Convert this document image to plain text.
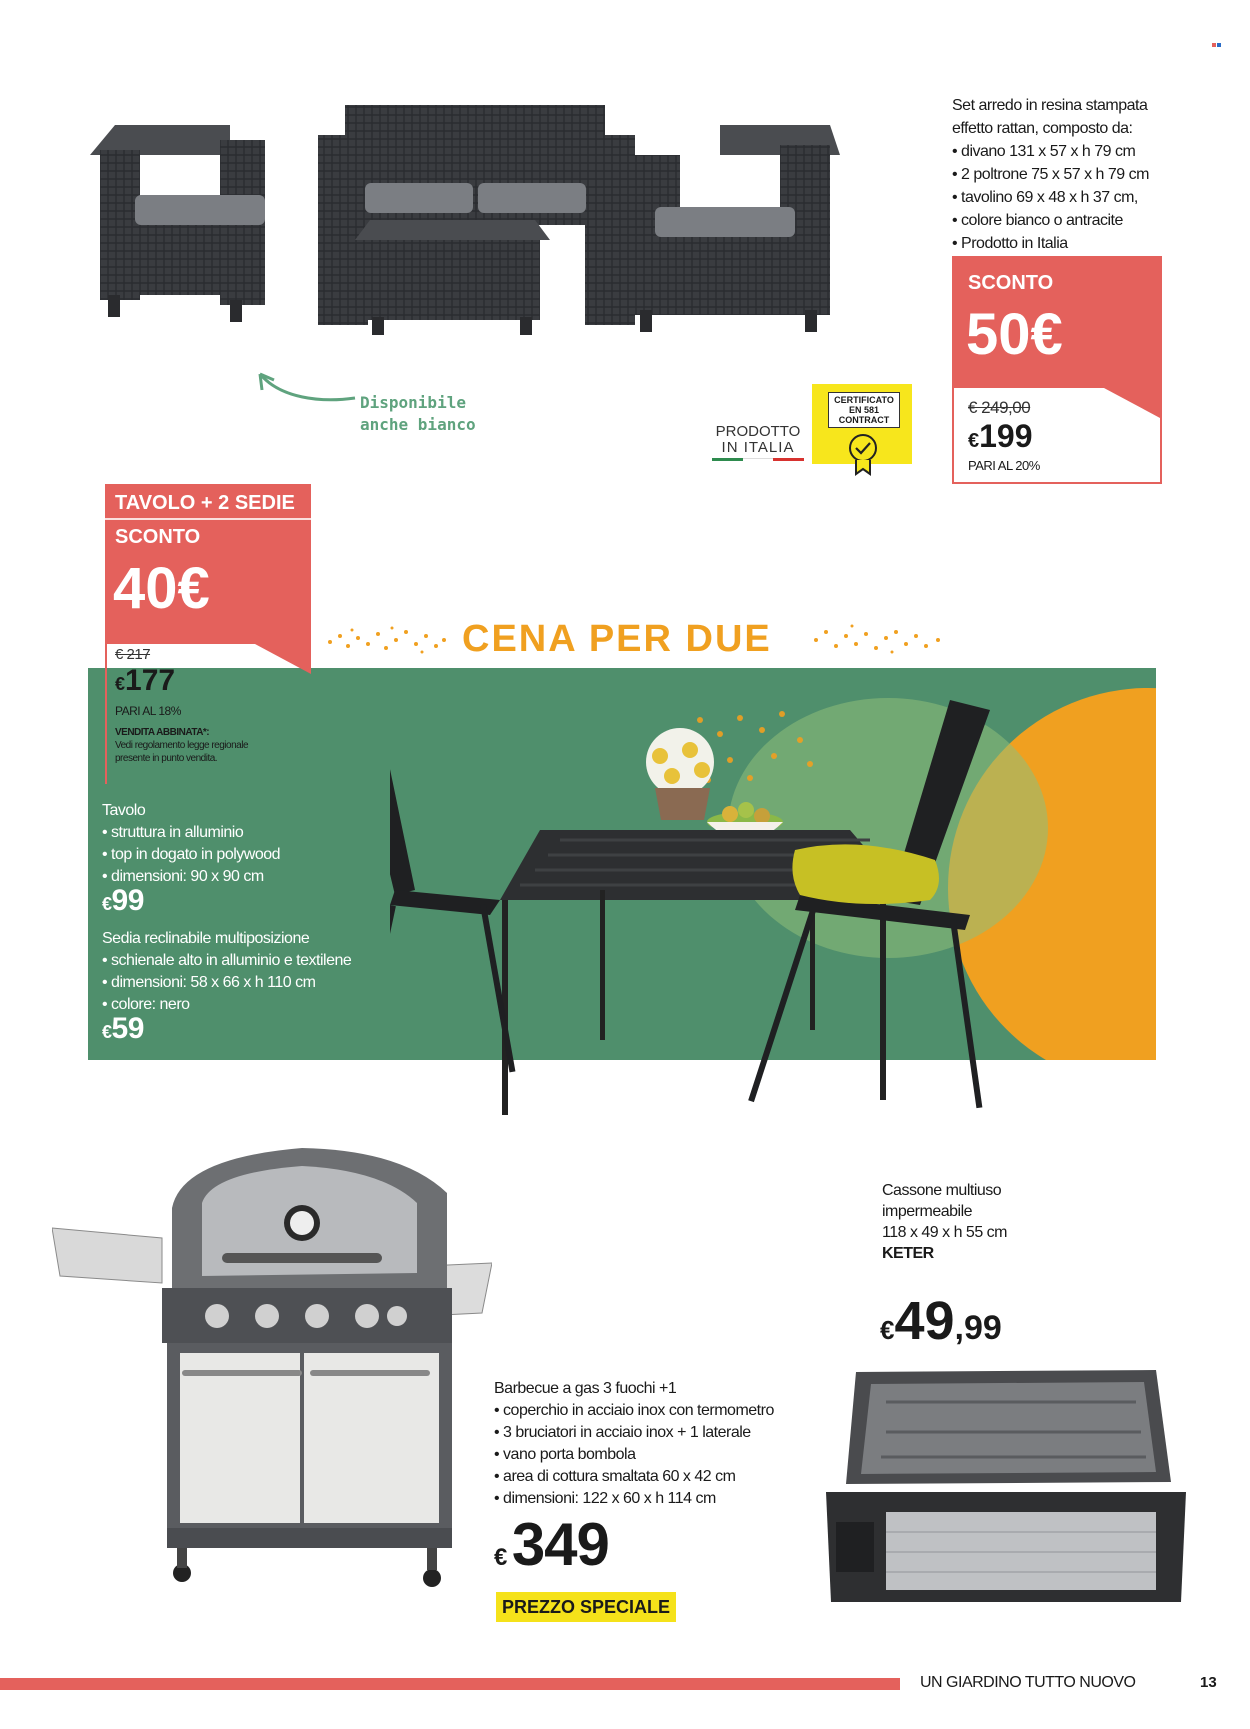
Disponibile
anche bianco	PRODOTTO
IN ITALIA
CERTIFICATO
EN 581
CONTRACT
Set arredo in resina stampata
effetto rattan, composto da:
• divano 131 x 57 x h 79 cm
• 2 poltrone 75 x 57 x h 79 cm
• tavolino 69 x 48 x h 37 cm,
• colore bianco o antracite
• Prodotto in Italia
SCONTO
50€
€ 249,00
€199
PARI AL 20%
CENA PER DUE
TAVOLO + 2 SEDIE
SCONTO
40€
€ 217
€177
PARI AL 18%
VENDITA ABBINATA*:
Vedi regolamento legge regionale
presente in punto vendita.
Tavolo
• struttura in alluminio
• top in dogato in polywood
• dimensioni: 90 x 90 cm
€99
Sedia reclinabile multiposizione
• schienale alto in alluminio e textilene
• dimensioni: 58 x 66 x h 110 cm
• colore: nero
€59
Barbecue a gas 3 fuochi +1
• coperchio in acciaio inox con termometro
• 3 bruciatori in acciaio inox + 1 laterale
• vano porta bombola
• area di cottura smaltata 60 x 42 cm
• dimensioni: 122 x 60 x h 114 cm
€ 349
PREZZO SPECIALE
Cassone multiuso
impermeabile
118 x 49 x h 55 cm
KETER
€49,99
UN GIARDINO TUTTO NUOVO	13
